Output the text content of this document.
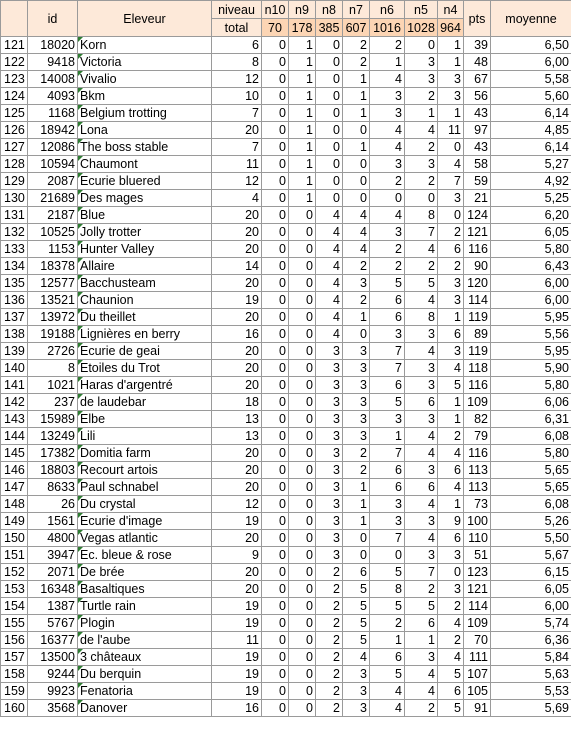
	id	Eleveur	niveau	n10	n9	n8	n7	n6	n5	n4	pts	moyenne
			total	70	178	385	607	1016	1028	964		
121	18020	Korn	6	0	1	0	2	2	0	1	39	6,50
122	9418	Victoria	8	0	1	0	2	1	3	1	48	6,00
123	14008	Vivalio	12	0	1	0	1	4	3	3	67	5,58
124	4093	Bkm	10	0	1	0	1	3	2	3	56	5,60
125	1168	Belgium trotting	7	0	1	0	1	3	1	1	43	6,14
126	18942	Lona	20	0	1	0	0	4	4	11	97	4,85
127	12086	The boss stable	7	0	1	0	1	4	2	0	43	6,14
128	10594	Chaumont	11	0	1	0	0	3	3	4	58	5,27
129	2087	Ecurie bluered	12	0	1	0	0	2	2	7	59	4,92
130	21689	Des mages	4	0	1	0	0	0	0	3	21	5,25
131	2187	Blue	20	0	0	4	4	4	8	0	124	6,20
132	10525	Jolly trotter	20	0	0	4	4	3	7	2	121	6,05
133	1153	Hunter Valley	20	0	0	4	4	2	4	6	116	5,80
134	18378	Allaire	14	0	0	4	2	2	2	2	90	6,43
135	12577	Bacchusteam	20	0	0	4	3	5	5	3	120	6,00
136	13521	Chaunion	19	0	0	4	2	6	4	3	114	6,00
137	13972	Du theillet	20	0	0	4	1	6	8	1	119	5,95
138	19188	Lignières en berry	16	0	0	4	0	3	3	6	89	5,56
139	2726	Ecurie de geai	20	0	0	3	3	7	4	3	119	5,95
140	8	Etoiles du Trot	20	0	0	3	3	7	3	4	118	5,90
141	1021	Haras d'argentré	20	0	0	3	3	6	3	5	116	5,80
142	237	de laudebar	18	0	0	3	3	5	6	1	109	6,06
143	15989	Elbe	13	0	0	3	3	3	3	1	82	6,31
144	13249	Lili	13	0	0	3	3	1	4	2	79	6,08
145	17382	Domitia farm	20	0	0	3	2	7	4	4	116	5,80
146	18803	Recourt artois	20	0	0	3	2	6	3	6	113	5,65
147	8633	Paul schnabel	20	0	0	3	1	6	6	4	113	5,65
148	26	Du crystal	12	0	0	3	1	3	4	1	73	6,08
149	1561	Ecurie d'image	19	0	0	3	1	3	3	9	100	5,26
150	4800	Vegas atlantic	20	0	0	3	0	7	4	6	110	5,50
151	3947	Ec. bleue & rose	9	0	0	3	0	0	3	3	51	5,67
152	2071	De brée	20	0	0	2	6	5	7	0	123	6,15
153	16348	Basaltiques	20	0	0	2	5	8	2	3	121	6,05
154	1387	Turtle rain	19	0	0	2	5	5	5	2	114	6,00
155	5767	Plogin	19	0	0	2	5	2	6	4	109	5,74
156	16377	de l'aube	11	0	0	2	5	1	1	2	70	6,36
157	13500	3 châteaux	19	0	0	2	4	6	3	4	111	5,84
158	9244	Du berquin	19	0	0	2	3	5	4	5	107	5,63
159	9923	Fenatoria	19	0	0	2	3	4	4	6	105	5,53
160	3568	Danover	16	0	0	2	3	4	2	5	91	5,69
